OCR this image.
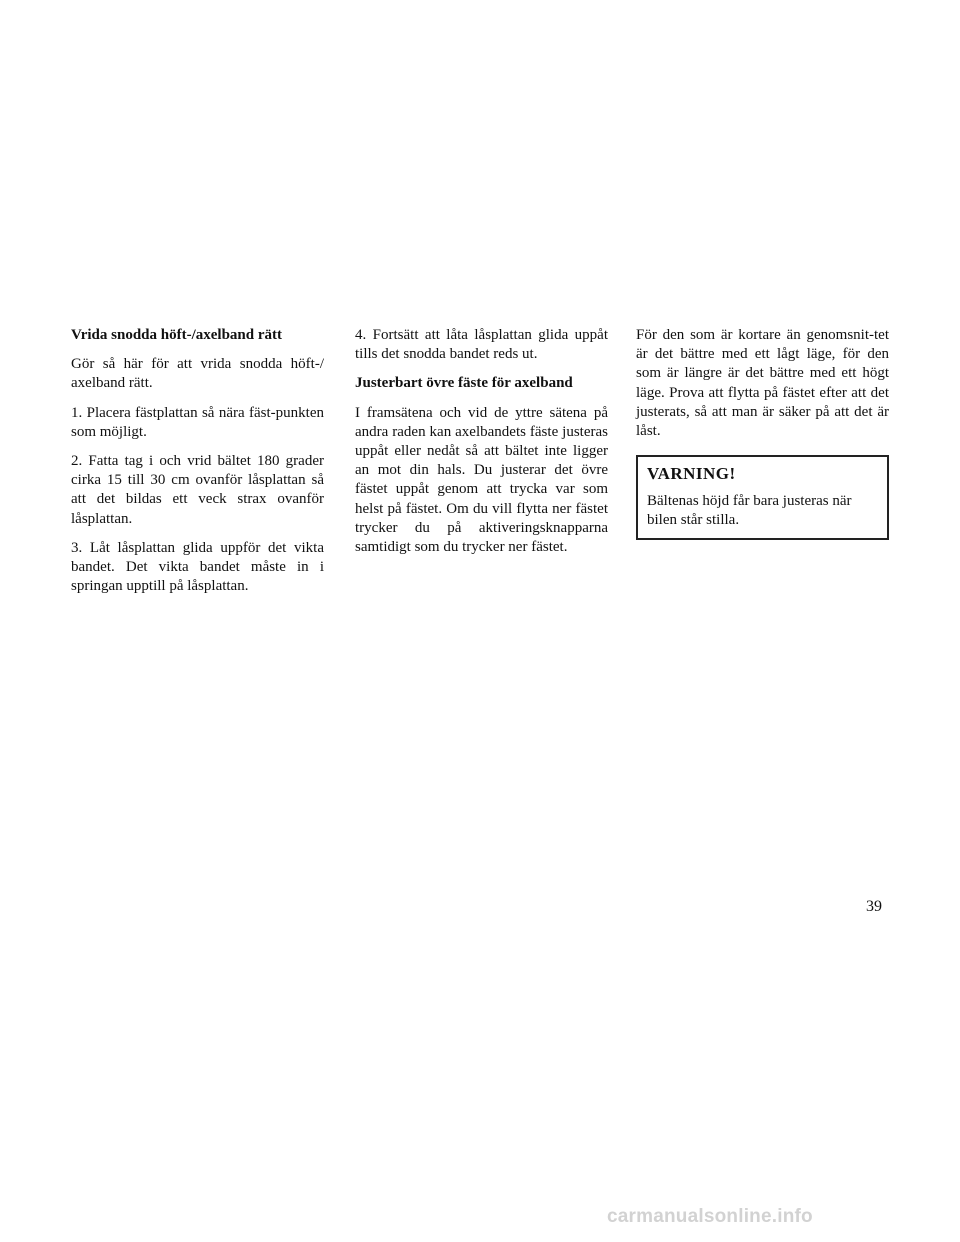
Vrida snodda höft-/axelband rätt

Gör så här för att vrida snodda höft-/ axelband rätt.

1. Placera fästplattan så nära fäst-punkten som möjligt.

2. Fatta tag i och vrid bältet 180 grader cirka 15 till 30 cm ovanför låsplattan så att det bildas ett veck strax ovanför låsplattan.

3. Låt låsplattan glida uppför det vikta bandet. Det vikta bandet måste in i springan upptill på låsplattan.

4. Fortsätt att låta låsplattan glida uppåt tills det snodda bandet reds ut.

Justerbart övre fäste för axelband

I framsätena och vid de yttre sätena på andra raden kan axelbandets fäste justeras uppåt eller nedåt så att bältet inte ligger an mot din hals. Du justerar det övre fästet uppåt genom att trycka var som helst på fästet. Om du vill flytta ner fästet trycker du på aktiveringsknapparna samtidigt som du trycker ner fästet.

För den som är kortare än genomsnit-tet är det bättre med ett lågt läge, för den som är längre är det bättre med ett högt läge. Prova att flytta på fästet efter att det justerats, så att man är säker på att det är låst.

VARNING!

Bältenas höjd får bara justeras när bilen står stilla.

39
carmanualsonline.info
